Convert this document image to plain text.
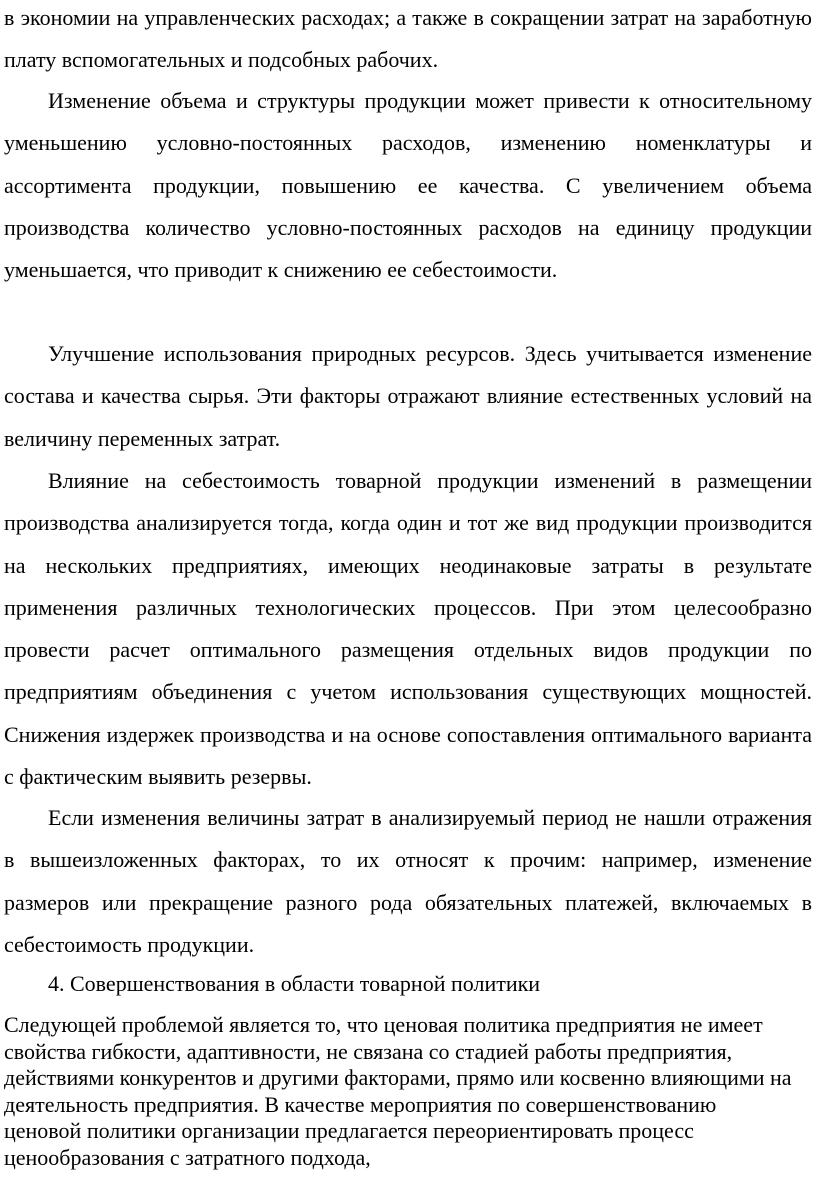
в экономии на управленческих расходах; а также в сокращении затрат на заработную плату вспомогательных и подсобных рабочих.

Изменение объема и структуры продукции может привести к относительному уменьшению условно-постоянных расходов, изменению номенклатуры и ассортимента продукции, повышению ее качества. С увеличением объема производства количество условно-постоянных расходов на единицу продукции уменьшается, что приводит к снижению ее себестоимости.

Улучшение использования природных ресурсов. Здесь учитывается изменение состава и качества сырья. Эти факторы отражают влияние естественных условий на величину переменных затрат.

Влияние на себестоимость товарной продукции изменений в размещении производства анализируется тогда, когда один и тот же вид продукции производится на нескольких предприятиях, имеющих неодинаковые затраты в результате применения различных технологических процессов. При этом целесообразно провести расчет оптимального размещения отдельных видов продукции по предприятиям объединения с учетом использования существующих мощностей. Снижения издержек производства и на основе сопоставления оптимального варианта с фактическим выявить резервы.

Если изменения величины затрат в анализируемый период не нашли отражения в вышеизложенных факторах, то их относят к прочим: например, изменение размеров или прекращение разного рода обязательных платежей, включаемых в себестоимость продукции.

4. Совершенствования в области товарной политики

Следующей проблемой является то, что ценовая политика предприятия не имеет свойства гибкости, адаптивности, не связана со стадией работы предприятия, действиями конкурентов и другими факторами, прямо или косвенно влияющими на деятельность предприятия. В качестве мероприятия по совершенствованию ценовой политики организации предлагается переориентировать процесс ценообразования с затратного подхода,
